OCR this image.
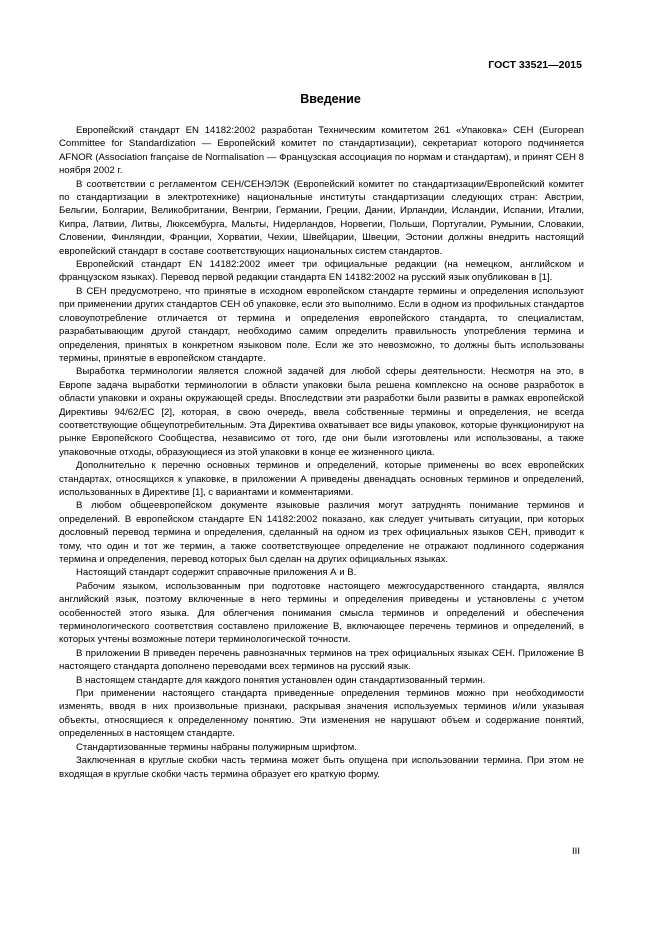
ГОСТ 33521—2015

Введение

Европейский стандарт EN 14182:2002 разработан Техническим комитетом 261 «Упаковка» СЕН (European Committee for Standardization — Европейский комитет по стандартизации), секретариат которого подчиняется AFNOR (Association française de Normalisation — Французская ассоциация по нормам и стандартам), и принят СЕН 8 ноября 2002 г.

В соответствии с регламентом СЕН/СЕНЭЛЭК (Европейский комитет по стандартизации/Европейский комитет по стандартизации в электротехнике) национальные институты стандартизации следующих стран: Австрии, Бельгии, Болгарии, Великобритании, Венгрии, Германии, Греции, Дании, Ирландии, Исландии, Испании, Италии, Кипра, Латвии, Литвы, Люксембурга, Мальты, Нидерландов, Норвегии, Польши, Португалии, Румынии, Словакии, Словении, Финляндии, Франции, Хорватии, Чехии, Швейцарии, Швеции, Эстонии должны внедрить настоящий европейский стандарт в составе соответствующих национальных систем стандартов.

Европейский стандарт EN 14182:2002 имеет три официальные редакции (на немецком, английском и французском языках). Перевод первой редакции стандарта EN 14182:2002 на русский язык опубликован в [1].

В СЕН предусмотрено, что принятые в исходном европейском стандарте термины и определения используют при применении других стандартов СЕН об упаковке, если это выполнимо. Если в одном из профильных стандартов словоупотребление отличается от термина и определения европейского стандарта, то специалистам, разрабатывающим другой стандарт, необходимо самим определить правильность употребления термина и определения, принятых в конкретном языковом поле. Если же это невозможно, то должны быть использованы термины, принятые в европейском стандарте.

Выработка терминологии является сложной задачей для любой сферы деятельности. Несмотря на это, в Европе задача выработки терминологии в области упаковки была решена комплексно на основе разработок в области упаковки и охраны окружающей среды. Впоследствии эти разработки были развиты в рамках европейской Директивы 94/62/ЕС [2], которая, в свою очередь, ввела собственные термины и определения, не всегда соответствующие общеупотребительным. Эта Директива охватывает все виды упаковок, которые функционируют на рынке Европейского Сообщества, независимо от того, где они были изготовлены или использованы, а также упаковочные отходы, образующиеся из этой упаковки в конце ее жизненного цикла.

Дополнительно к перечню основных терминов и определений, которые применены во всех европейских стандартах, относящихся к упаковке, в приложении А приведены двенадцать основных терминов и определений, использованных в Директиве [1], с вариантами и комментариями.

В любом общеевропейском документе языковые различия могут затруднять понимание терминов и определений. В европейском стандарте EN 14182:2002 показано, как следует учитывать ситуации, при которых дословный перевод термина и определения, сделанный на одном из трех официальных языков СЕН, приводит к тому, что один и тот же термин, а также соответствующее определение не отражают подлинного содержания термина и определения, перевод которых был сделан на других официальных языках.

Настоящий стандарт содержит справочные приложения А и В.

Рабочим языком, использованным при подготовке настоящего межгосударственного стандарта, являлся английский язык, поэтому включенные в него термины и определения приведены и установлены с учетом особенностей этого языка. Для облегчения понимания смысла терминов и определений и обеспечения терминологического соответствия составлено приложение В, включающее перечень терминов и определений, в которых учтены возможные потери терминологической точности.

В приложении В приведен перечень равнозначных терминов на трех официальных языках СЕН. Приложение В настоящего стандарта дополнено переводами всех терминов на русский язык.

В настоящем стандарте для каждого понятия установлен один стандартизованный термин.

При применении настоящего стандарта приведенные определения терминов можно при необходимости изменять, вводя в них произвольные признаки, раскрывая значения используемых терминов и/или указывая объекты, относящиеся к определенному понятию. Эти изменения не нарушают объем и содержание понятий, определенных в настоящем стандарте.

Стандартизованные термины набраны полужирным шрифтом.

Заключенная в круглые скобки часть термина может быть опущена при использовании термина. При этом не входящая в круглые скобки часть термина образует его краткую форму.

III
